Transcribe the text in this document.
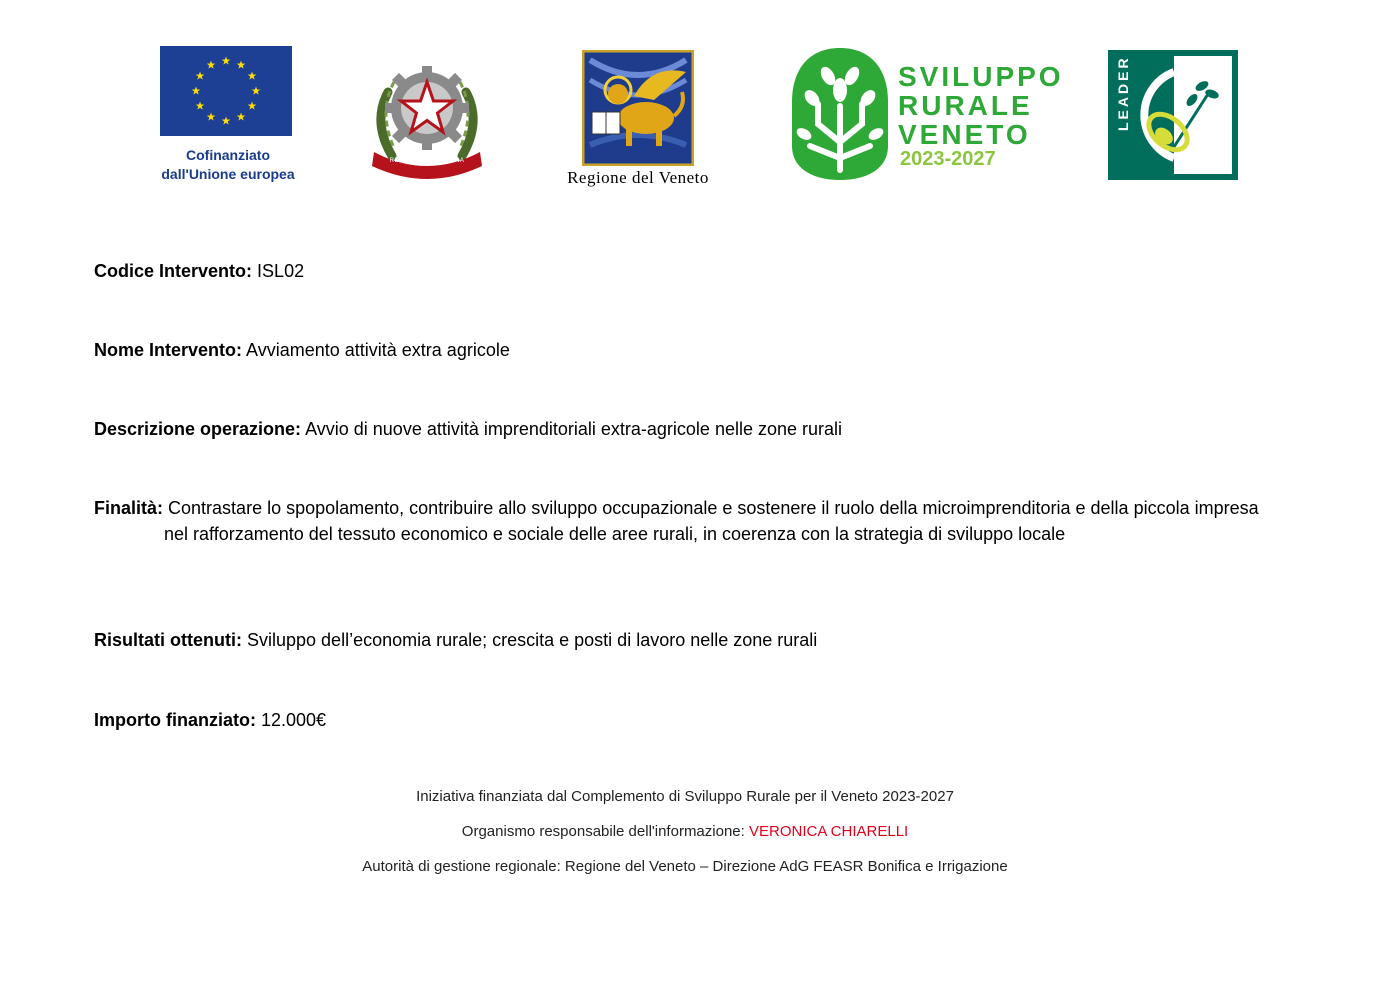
Cofinanziato
dall'Unione europea
REPVBBLICA ITALIANA
Regione del Veneto
SVILUPPO
RURALE
VENETO
2023-2027
Codice Intervento: ISL02
Nome Intervento: Avviamento attività extra agricole
Descrizione operazione: Avvio di nuove attività imprenditoriali extra-agricole nelle zone rurali
Finalità: Contrastare lo spopolamento, contribuire allo sviluppo occupazionale e sostenere il ruolo della microimprenditoria e della piccola impresa nel rafforzamento del tessuto economico e sociale delle aree rurali, in coerenza con la strategia di sviluppo locale
Risultati ottenuti: Sviluppo dell’economia rurale; crescita e posti di lavoro nelle zone rurali
Importo finanziato: 12.000€
Iniziativa finanziata dal Complemento di Sviluppo Rurale per il Veneto 2023-2027
Organismo responsabile dell'informazione: VERONICA CHIARELLI
Autorità di gestione regionale: Regione del Veneto – Direzione AdG FEASR Bonifica e Irrigazione
